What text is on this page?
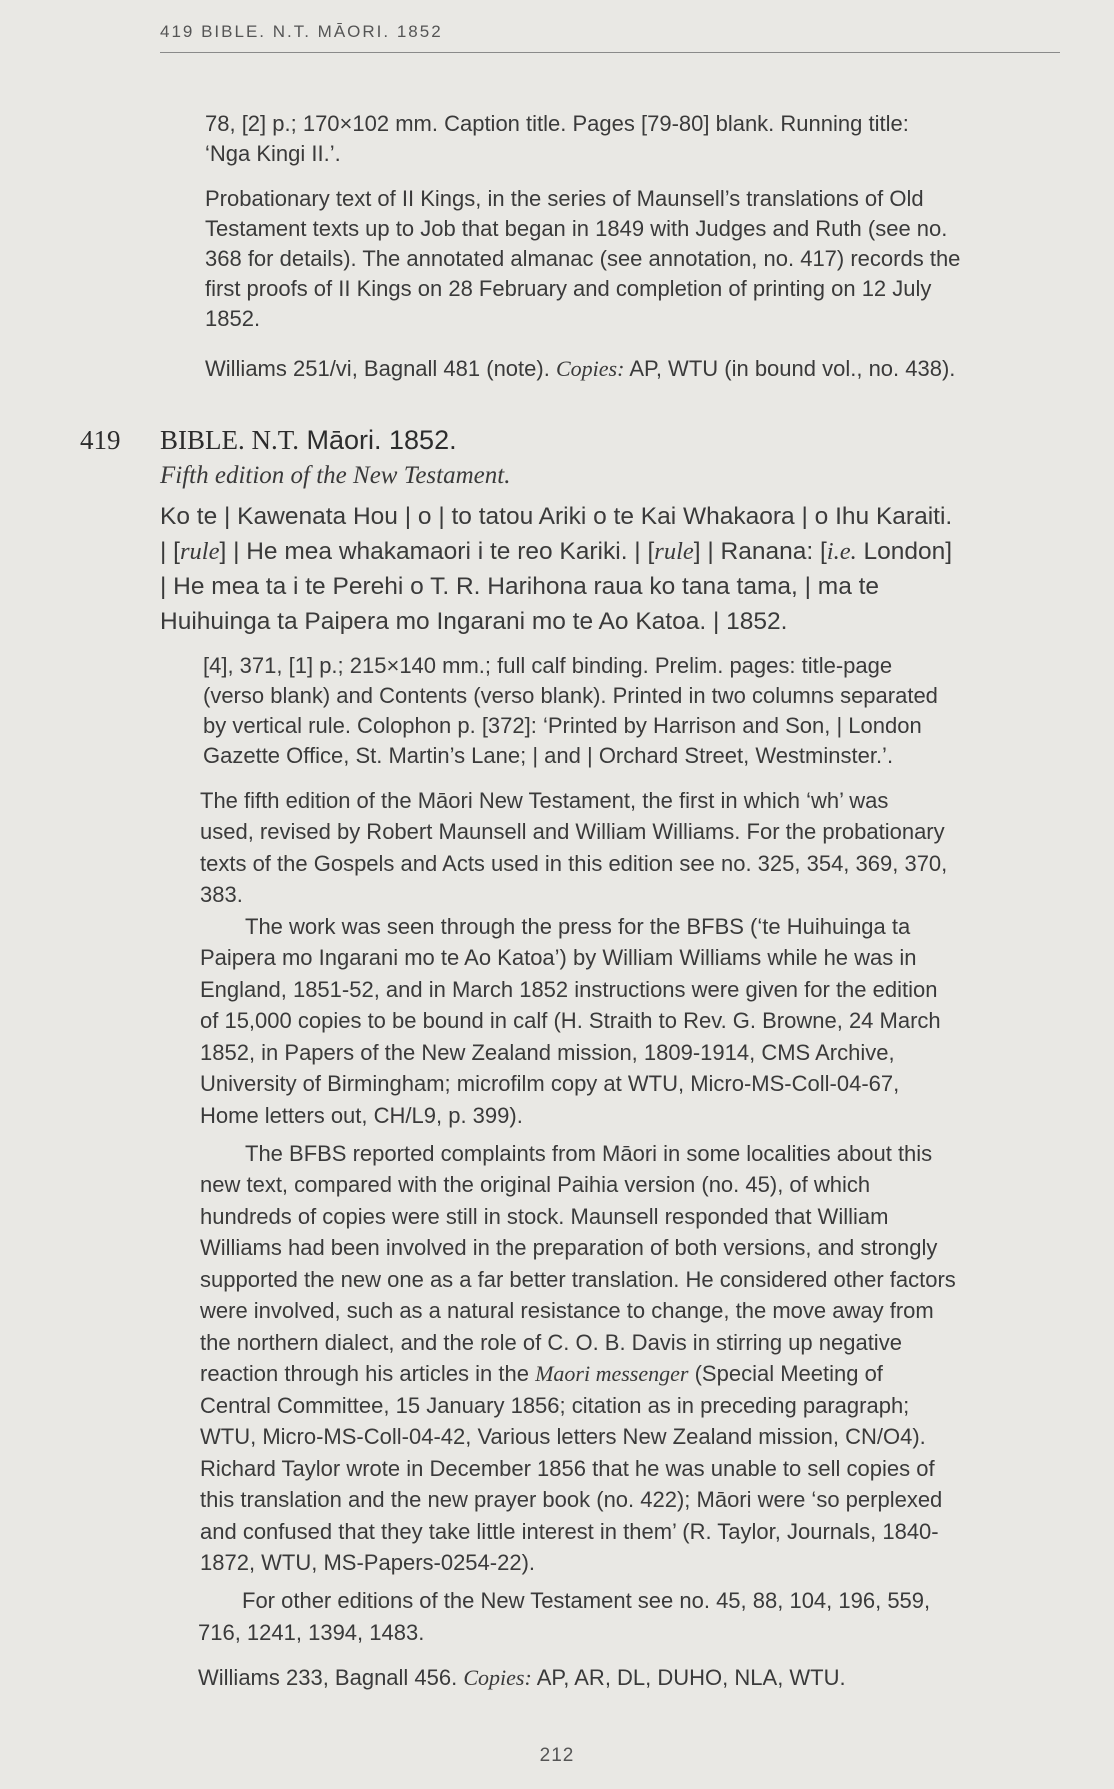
419 BIBLE. N.T. MĀORI. 1852
78, [2] p.; 170×102 mm. Caption title. Pages [79-80] blank. Running title:
‘Nga Kingi II.’.
Probationary text of II Kings, in the series of Maunsell’s translations of Old
Testament texts up to Job that began in 1849 with Judges and Ruth (see no.
368 for details). The annotated almanac (see annotation, no. 417) records the
first proofs of II Kings on 28 February and completion of printing on 12 July
1852.
Williams 251/vi, Bagnall 481 (note). Copies: AP, WTU (in bound vol., no. 438).
419 BIBLE. N.T. Māori. 1852.
Fifth edition of the New Testament.
Ko te | Kawenata Hou | o | to tatou Ariki o te Kai Whakaora | o Ihu Karaiti.
| [rule] | He mea whakamaori i te reo Kariki. | [rule] | Ranana: [i.e. London]
| He mea ta i te Perehi o T. R. Harihona raua ko tana tama, | ma te
Huihuinga ta Paipera mo Ingarani mo te Ao Katoa. | 1852.
[4], 371, [1] p.; 215×140 mm.; full calf binding. Prelim. pages: title-page
(verso blank) and Contents (verso blank). Printed in two columns separated
by vertical rule. Colophon p. [372]: ‘Printed by Harrison and Son, | London
Gazette Office, St. Martin’s Lane; | and | Orchard Street, Westminster.’.
The fifth edition of the Māori New Testament, the first in which ‘wh’ was
used, revised by Robert Maunsell and William Williams. For the probationary
texts of the Gospels and Acts used in this edition see no. 325, 354, 369, 370,
383.
The work was seen through the press for the BFBS (‘te Huihuinga ta
Paipera mo Ingarani mo te Ao Katoa’) by William Williams while he was in
England, 1851-52, and in March 1852 instructions were given for the edition
of 15,000 copies to be bound in calf (H. Straith to Rev. G. Browne, 24 March
1852, in Papers of the New Zealand mission, 1809-1914, CMS Archive,
University of Birmingham; microfilm copy at WTU, Micro-MS-Coll-04-67,
Home letters out, CH/L9, p. 399).
The BFBS reported complaints from Māori in some localities about this
new text, compared with the original Paihia version (no. 45), of which
hundreds of copies were still in stock. Maunsell responded that William
Williams had been involved in the preparation of both versions, and strongly
supported the new one as a far better translation. He considered other factors
were involved, such as a natural resistance to change, the move away from
the northern dialect, and the role of C. O. B. Davis in stirring up negative
reaction through his articles in the Maori messenger (Special Meeting of
Central Committee, 15 January 1856; citation as in preceding paragraph;
WTU, Micro-MS-Coll-04-42, Various letters New Zealand mission, CN/O4).
Richard Taylor wrote in December 1856 that he was unable to sell copies of
this translation and the new prayer book (no. 422); Māori were ‘so perplexed
and confused that they take little interest in them’ (R. Taylor, Journals, 1840-
1872, WTU, MS-Papers-0254-22).
For other editions of the New Testament see no. 45, 88, 104, 196, 559,
716, 1241, 1394, 1483.
Williams 233, Bagnall 456. Copies: AP, AR, DL, DUHO, NLA, WTU.
212
